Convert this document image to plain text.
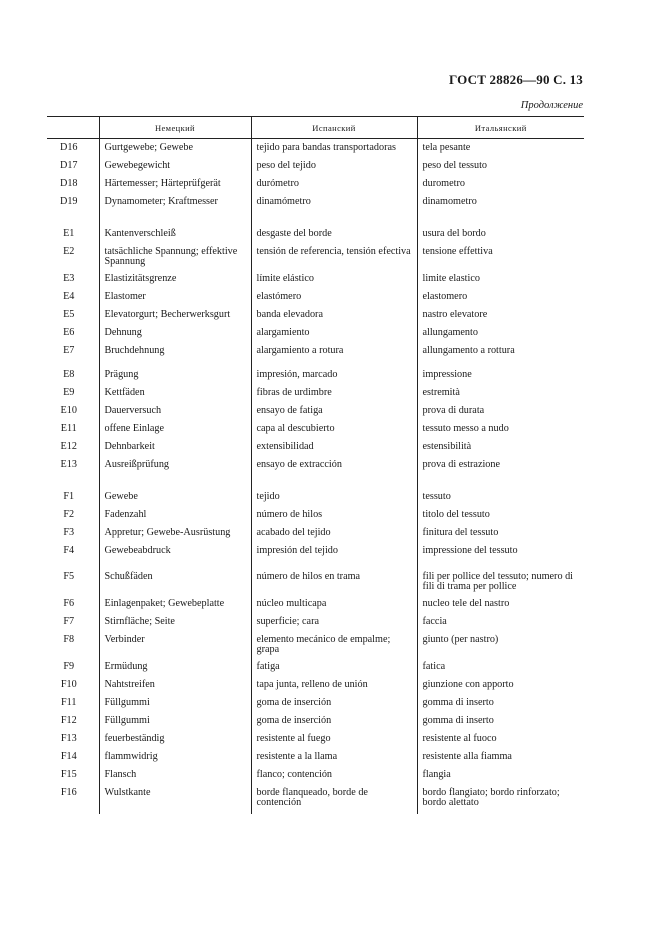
ГОСТ 28826—90 С. 13
Продолжение
	Немецкий	Испанский	Итальянский
D16	Gurtgewebe; Gewebe	tejido para bandas transportadoras	tela pesante
D17	Gewebegewicht	peso del tejido	peso del tessuto
D18	Härtemesser; Härteprüfgerät	durómetro	durometro
D19	Dynamometer; Kraftmesser	dinamómetro	dinamometro

E1	Kantenverschleiß	desgaste del borde	usura del bordo
E2	tatsächliche Spannung; effektive Spannung	tensión de referencia, tensión efectiva	tensione effettiva
E3	Elastizitätsgrenze	límite elástico	limite elastico
E4	Elastomer	elastómero	elastomero
E5	Elevatorgurt; Becherwerksgurt	banda elevadora	nastro elevatore
E6	Dehnung	alargamiento	allungamento
E7	Bruchdehnung	alargamiento a rotura	allungamento a rottura

E8	Prägung	impresión, marcado	impressione
E9	Kettfäden	fibras de urdimbre	estremità
E10	Dauerversuch	ensayo de fatiga	prova di durata
E11	offene Einlage	capa al descubierto	tessuto messo a nudo
E12	Dehnbarkeit	extensibilidad	estensibilità
E13	Ausreißprüfung	ensayo de extracción	prova di estrazione

F1	Gewebe	tejido	tessuto
F2	Fadenzahl	número de hilos	titolo del tessuto
F3	Appretur; Gewebe-Ausrüstung	acabado del tejido	finitura del tessuto
F4	Gewebeabdruck	impresión del tejido	impressione del tessuto

F5	Schußfäden	número de hilos en trama	fili per pollice del tessuto; numero di fili di trama per pollice
F6	Einlagenpaket; Gewebeplatte	núcleo multicapa	nucleo tele del nastro
F7	Stirnfläche; Seite	superficie; cara	faccia
F8	Verbinder	elemento mecánico de empalme; grapa	giunto (per nastro)
F9	Ermüdung	fatiga	fatica
F10	Nahtstreifen	tapa junta, relleno de unión	giunzione con apporto
F11	Füllgummi	goma de inserción	gomma di inserto
F12	Füllgummi	goma de inserción	gomma di inserto
F13	feuerbeständig	resistente al fuego	resistente al fuoco
F14	flammwidrig	resistente a la llama	resistente alla fiamma
F15	Flansch	flanco; contención	flangia
F16	Wulstkante	borde flanqueado, borde de contención	bordo flangiato; bordo rinforzato; bordo alettato
